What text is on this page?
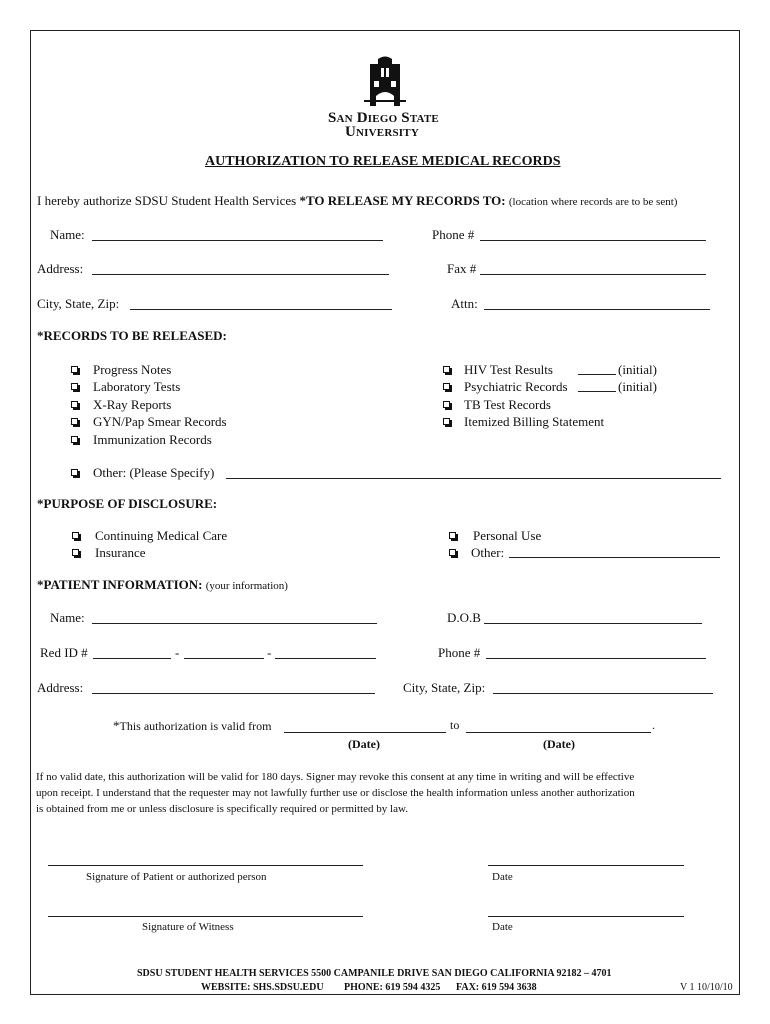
San Diego State
University
AUTHORIZATION TO RELEASE MEDICAL RECORDS
I hereby authorize SDSU Student Health Services *TO RELEASE MY RECORDS TO: (location where records are to be sent)
Name:	Phone #
Address:	Fax #
City, State, Zip:	Attn:
*RECORDS TO BE RELEASED:
Progress Notes
Laboratory Tests
X-Ray Reports
GYN/Pap Smear Records
Immunization Records
HIV Test Results	(initial)
Psychiatric Records	(initial)
TB Test Records
Itemized Billing Statement
Other: (Please Specify)
*PURPOSE OF DISCLOSURE:
Continuing Medical Care
Insurance
Personal Use
Other:
*PATIENT INFORMATION: (your information)
Name:	D.O.B
Red ID #	-	-	Phone #
Address:	City, State, Zip:
*This authorization is valid from	to	.
(Date)	(Date)
If no valid date, this authorization will be valid for 180 days. Signer may revoke this consent at any time in writing and will be effective
upon receipt. I understand that the requester may not lawfully further use or disclose the health information unless another authorization
is obtained from me or unless disclosure is specifically required or permitted by law.
Signature of Patient or authorized person	Date
Signature of Witness	Date
SDSU STUDENT HEALTH SERVICES 5500 CAMPANILE DRIVE SAN DIEGO CALIFORNIA 92182 – 4701
WEBSITE: SHS.SDSU.EDU PHONE: 619 594 4325 FAX: 619 594 3638	V 1 10/10/10
